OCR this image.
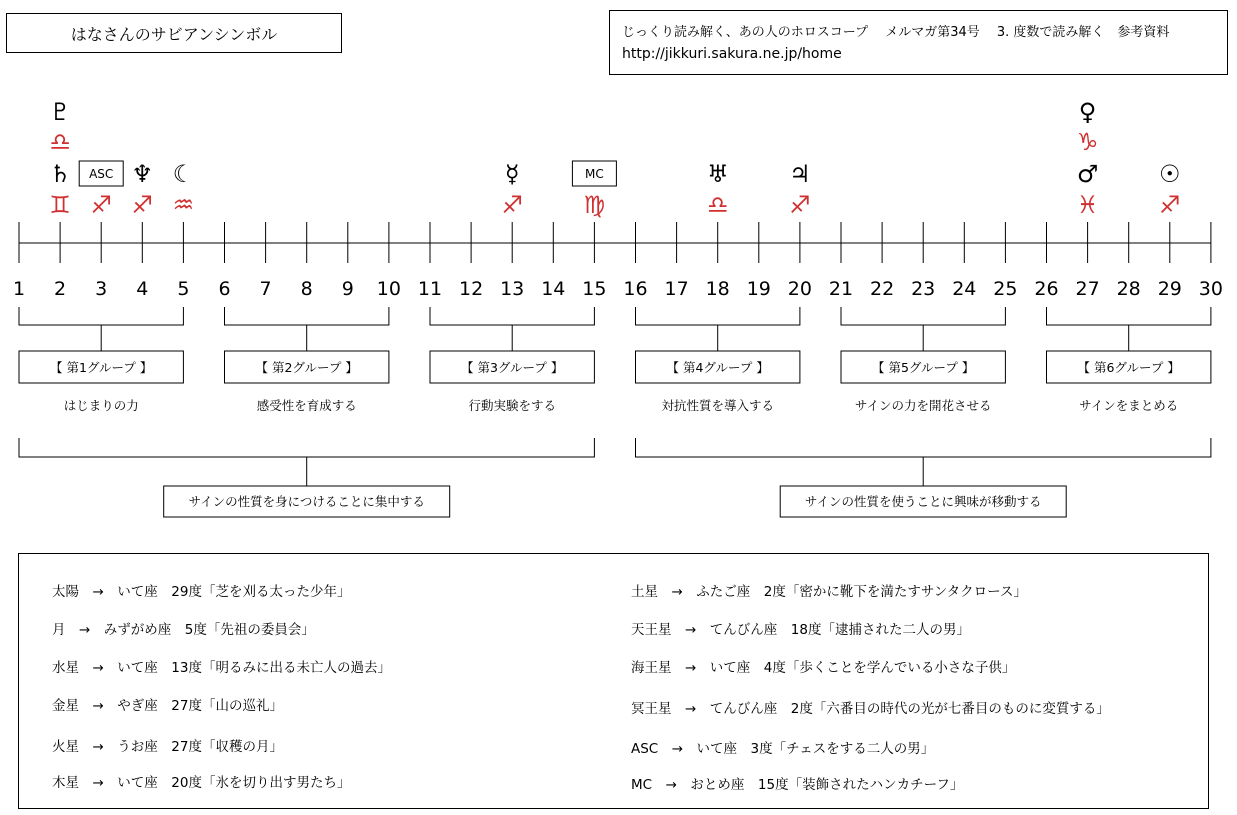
はなさんのサビアンシンボル	じっくり読み解く、あの人のホロスコープ　 メルマガ第34号　 3. 度数で読み解く　参考資料
http://jikkuri.sakura.ne.jp/home
1 2 3 4 5 6 7 8 9 10 11 12 13 14 15 16 17 18 19 20 21 22 23 24 25 26 27 28 29 30
♄
♊
♇
♎
ASC
♐
♆
♐
☾
♒
☿
♐
MC
♍
♅
♎
♃
♐
♂
♓
♀
♑
☉
♐
【 第1グループ 】
はじまりの力
【 第2グループ 】
感受性を育成する
【 第3グループ 】
行動実験をする
【 第4グループ 】
対抗性質を導入する
【 第5グループ 】
サインの力を開花させる
【 第6グループ 】
サインをまとめる
サインの性質を身につけることに集中する	サインの性質を使うことに興味が移動する
太陽　→　いて座　29度「芝を刈る太った少年」
月　→　みずがめ座　5度「先祖の委員会」
水星　→　いて座　13度「明るみに出る未亡人の過去」
金星　→　やぎ座　27度「山の巡礼」
火星　→　うお座　27度「収穫の月」
木星　→　いて座　20度「氷を切り出す男たち」
土星　→　ふたご座　2度「密かに靴下を満たすサンタクロース」
天王星　→　てんびん座　18度「逮捕された二人の男」
海王星　→　いて座　4度「歩くことを学んでいる小さな子供」
冥王星　→　てんびん座　2度「六番目の時代の光が七番目のものに変質する」
ASC　→　いて座　3度「チェスをする二人の男」
MC　→　おとめ座　15度「装飾されたハンカチーフ」
